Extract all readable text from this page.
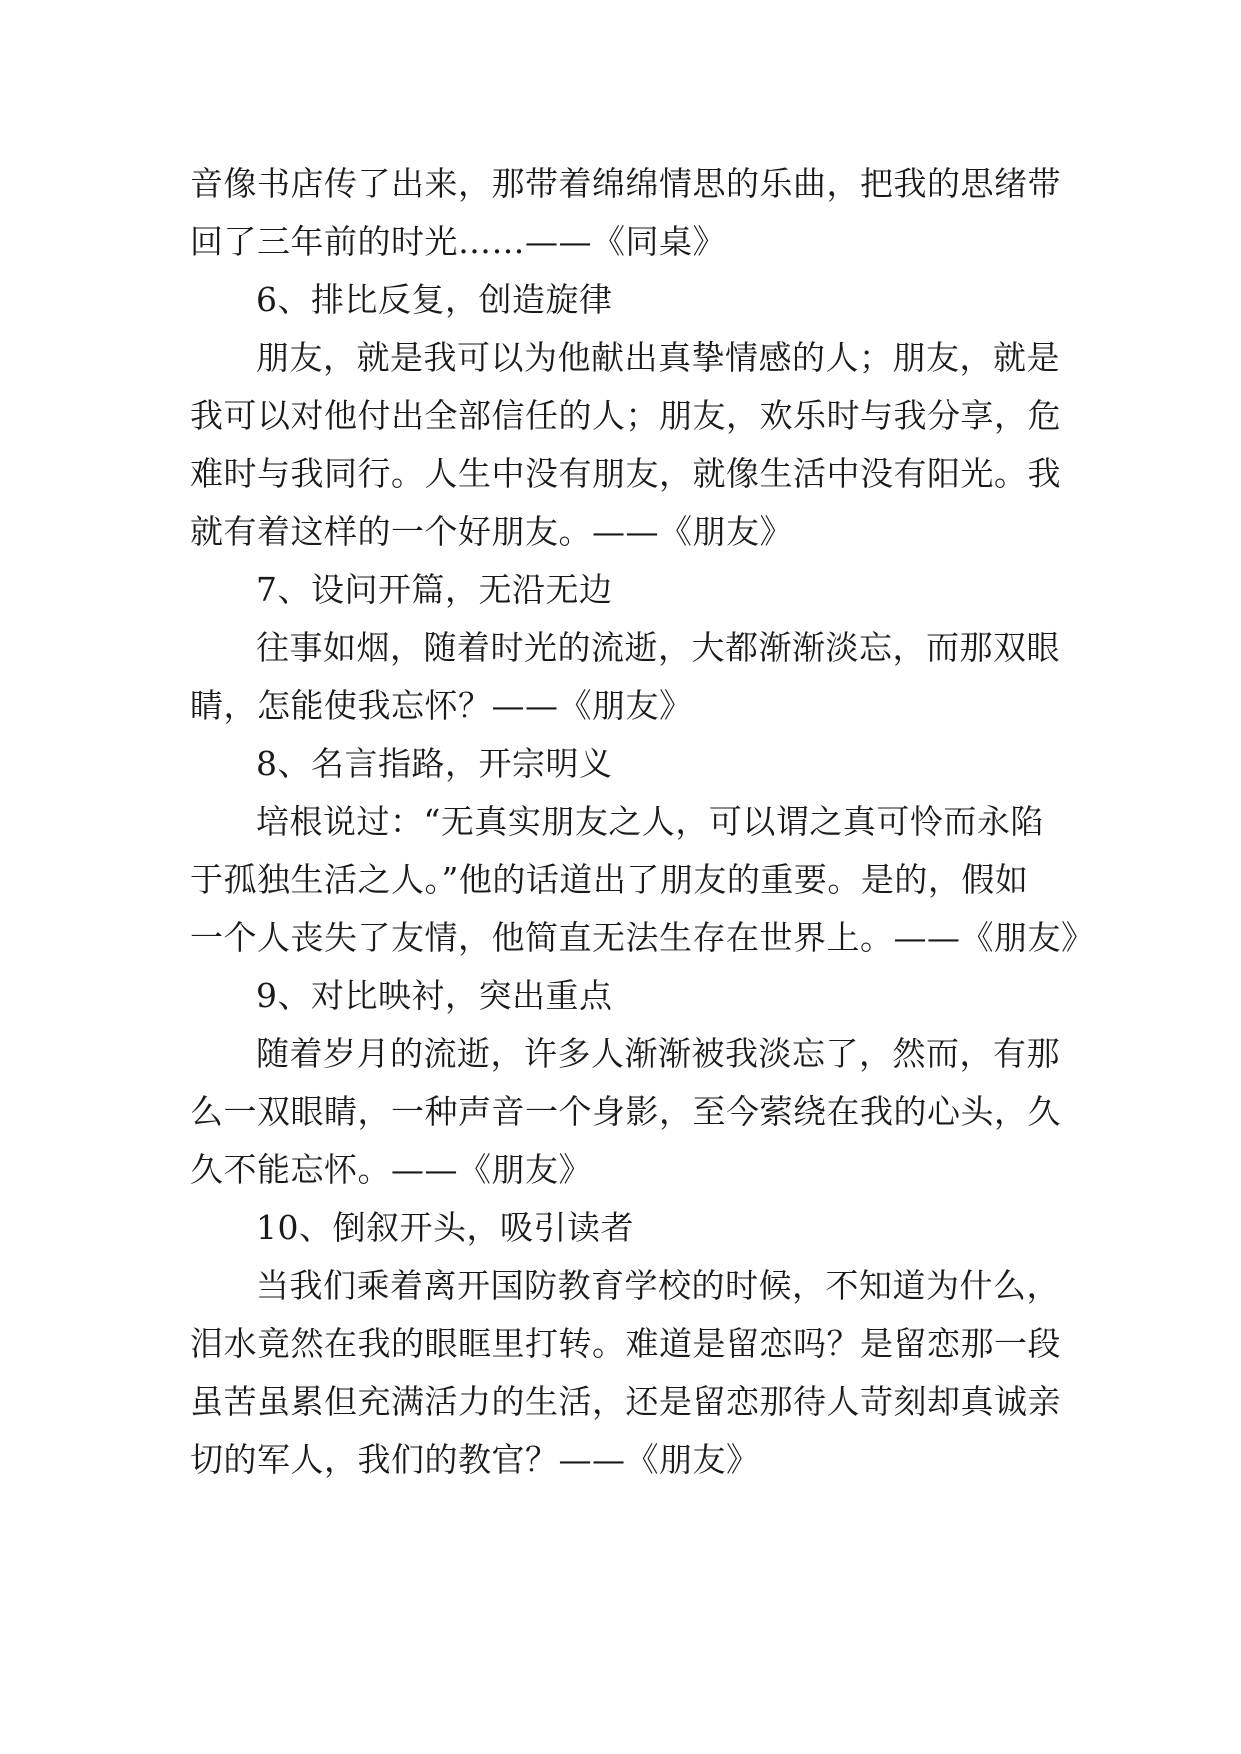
音像书店传了出来，那带着绵绵情思的乐曲，把我的思绪带
回了三年前的时光……——《同桌》
6、排比反复，创造旋律
朋友，就是我可以为他献出真挚情感的人；朋友，就是
我可以对他付出全部信任的人；朋友，欢乐时与我分享，危
难时与我同行。人生中没有朋友，就像生活中没有阳光。我
就有着这样的一个好朋友。——《朋友》
7、设问开篇，无沿无边
往事如烟，随着时光的流逝，大都渐渐淡忘，而那双眼
睛，怎能使我忘怀？——《朋友》
8、名言指路，开宗明义
培根说过：“无真实朋友之人，可以谓之真可怜而永陷
于孤独生活之人。”他的话道出了朋友的重要。是的，假如
一个人丧失了友情，他简直无法生存在世界上。——《朋友》
9、对比映衬，突出重点
随着岁月的流逝，许多人渐渐被我淡忘了，然而，有那
么一双眼睛，一种声音一个身影，至今萦绕在我的心头，久
久不能忘怀。——《朋友》
10、倒叙开头，吸引读者
当我们乘着离开国防教育学校的时候，不知道为什么，
泪水竟然在我的眼眶里打转。难道是留恋吗？是留恋那一段
虽苦虽累但充满活力的生活，还是留恋那待人苛刻却真诚亲
切的军人，我们的教官？——《朋友》
